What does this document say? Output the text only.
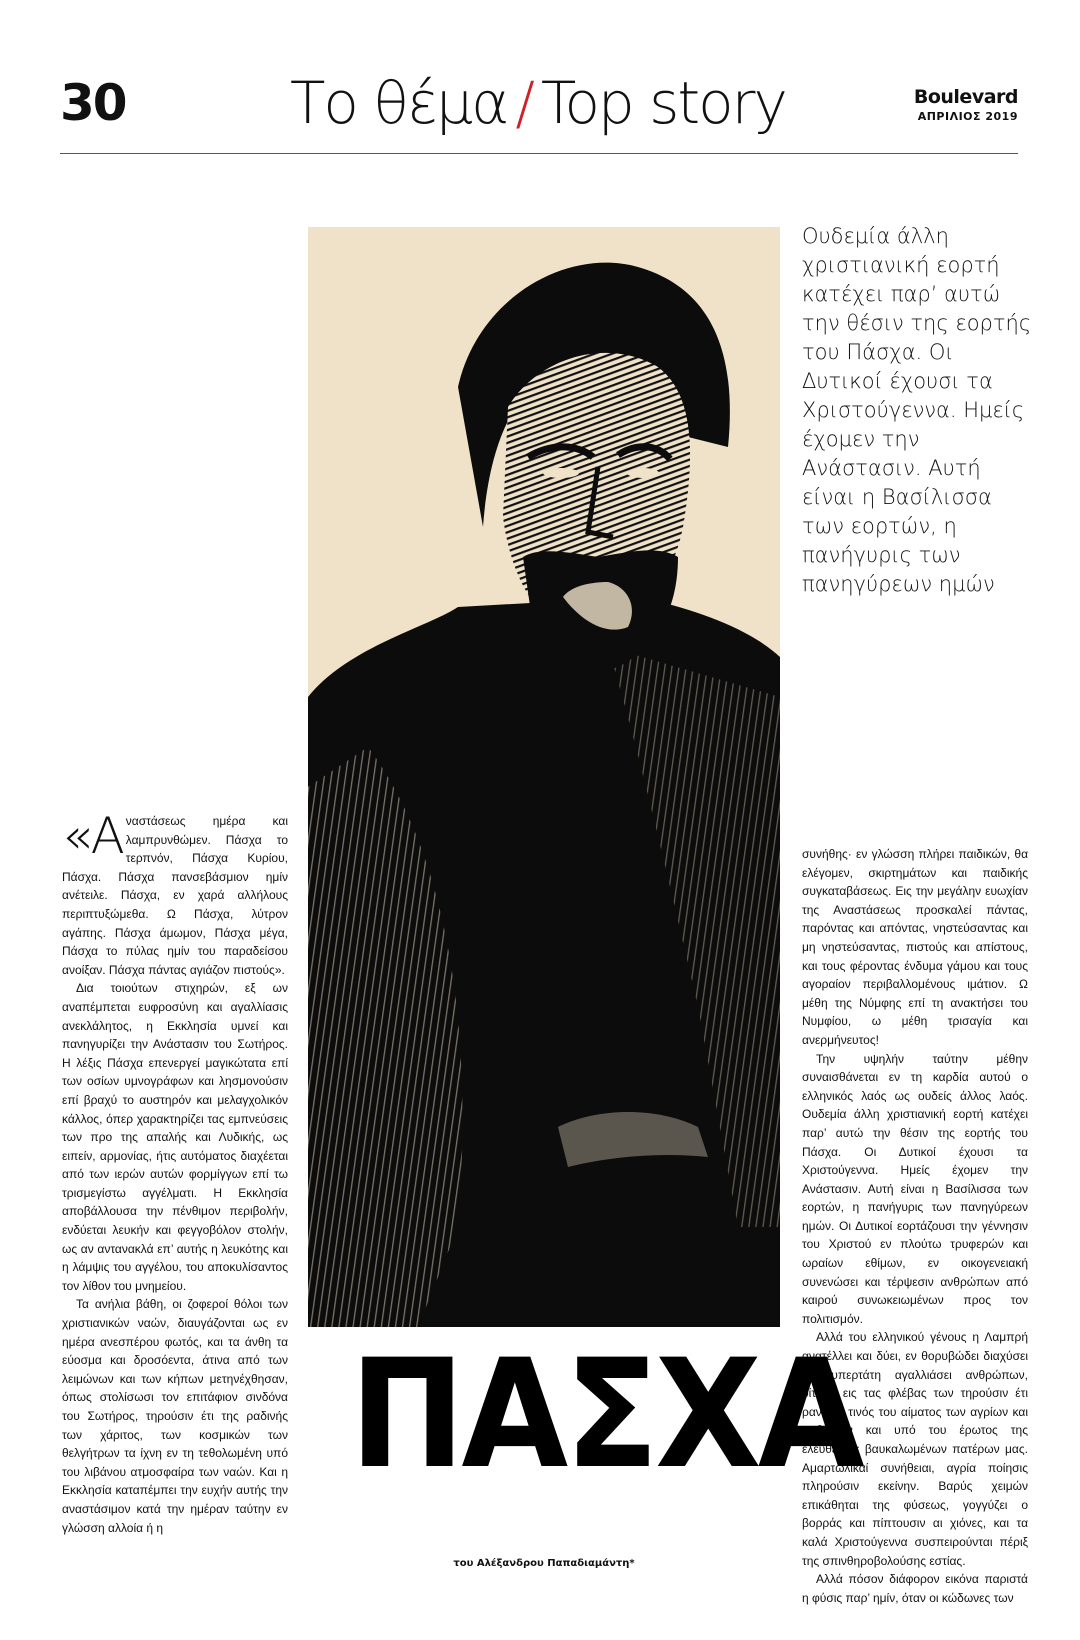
30	Το θέμα / Top story	Boulevard
ΑΠΡΙΛΙΟΣ 2019
Ουδεμία άλλη χριστιανική εορτή κατέχει παρ’ αυτώ την θέσιν της εορτής του Πάσχα. Οι Δυτικοί έχουσι τα Χριστούγεννα. Ημείς έχομεν την Ανάστασιν. Αυτή είναι η Βασίλισσα των εορτών, η πανήγυρις των πανηγύρεων ημών

«Αναστάσεως ημέρα και λαμπρυνθώμεν. Πάσχα το τερπνόν, Πάσχα Κυρίου, Πάσχα. Πάσχα πανσεβάσμιον ημίν ανέτειλε. Πάσχα, εν χαρά αλλήλους περιπτυξώμεθα. Ω Πάσχα, λύτρον αγάπης. Πάσχα άμωμον, Πάσχα μέγα, Πάσχα το πύλας ημίν του παραδείσου ανοίξαν. Πάσχα πάντας αγιάζον πιστούς».

Δια τοιούτων στιχηρών, εξ ων αναπέμπεται ευφροσύνη και αγαλλίασις ανεκλάλητος, η Εκκλησία υμνεί και πανηγυρίζει την Ανάστασιν του Σωτήρος. Η λέξις Πάσχα επενεργεί μαγικώτατα επί των οσίων υμνογράφων και λησμονούσιν επί βραχύ το αυστηρόν και μελαγχολικόν κάλλος, όπερ χαρακτηρίζει τας εμπνεύσεις των προ της απαλής και Λυδικής, ως ειπείν, αρμονίας, ήτις αυτόματος διαχέεται από των ιερών αυτών φορμίγγων επί τω τρισμεγίστω αγγέλματι. Η Εκκλησία αποβάλλουσα την πένθιμον περιβολήν, ενδύεται λευκήν και φεγγοβόλον στολήν, ως αν αντανακλά επ’ αυτής η λευκότης και η λάμψις του αγγέλου, του αποκυλίσαντος τον λίθον του μνημείου.

Τα ανήλια βάθη, οι ζοφεροί θόλοι των χριστιανικών ναών, διαυγάζονται ως εν ημέρα ανεσπέρου φωτός, και τα άνθη τα εύοσμα και δροσόεντα, άτινα από των λειμώνων και των κήπων μετηνέχθησαν, όπως στολίσωσι τον επιτάφιον σινδόνα του Σωτήρος, τηρούσιν έτι της ραδινής των χάριτος, των κοσμικών των θελγήτρων τα ίχνη εν τη τεθολωμένη υπό του λιβάνου ατμοσφαίρα των ναών. Και η Εκκλησία καταπέμπει την ευχήν αυτής την αναστάσιμον κατά την ημέραν ταύτην εν γλώσση αλλοία ή η

συνήθης· εν γλώσση πλήρει παιδικών, θα ελέγομεν, σκιρτημάτων και παιδικής συγκαταβάσεως. Εις την μεγάλην ευωχίαν της Αναστάσεως προσκαλεί πάντας, παρόντας και απόντας, νηστεύσαντας και μη νηστεύσαντας, πιστούς και απίστους, και τους φέροντας ένδυμα γάμου και τους αγοραίον περιβαλλομένους ιμάτιον. Ω μέθη της Νύμφης επί τη ανακτήσει του Νυμφίου, ω μέθη τρισαγία και ανερμήνευτος!

Την υψηλήν ταύτην μέθην συναισθάνεται εν τη καρδία αυτού ο ελληνικός λαός ως ουδείς άλλος λαός. Ουδεμία άλλη χριστιανική εορτή κατέχει παρ’ αυτώ την θέσιν της εορτής του Πάσχα. Οι Δυτικοί έχουσι τα Χριστούγεννα. Ημείς έχομεν την Ανάστασιν. Αυτή είναι η Βασίλισσα των εορτών, η πανήγυρις των πανηγύρεων ημών. Οι Δυτικοί εορτάζουσι την γέννησιν του Χριστού εν πλούτω τρυφερών και ωραίων εθίμων, εν οικογενειακή συνενώσει και τέρψεσιν ανθρώπων από καιρού συνωκειωμένων προς τον πολιτισμόν.

Αλλά του ελληνικού γένους η Λαμπρή ανατέλλει και δύει, εν θορυβώδει διαχύσει και υπερτάτη αγαλλιάσει ανθρώπων, οίτινες εις τας φλέβας των τηρούσιν έτι ρανίδας τινός του αίματος των αγρίων και ατιθάσων και υπό του έρωτος της ελευθερίας βαυκαλωμένων πατέρων μας. Αμαρτωλικαί συνήθειαι, αγρία ποίησις πληρούσιν εκείνην. Βαρύς χειμών επικάθηται της φύσεως, γογγύζει ο βορράς και πίπτουσιν αι χιόνες, και τα καλά Χριστούγεννα συσπειρούνται πέριξ της σπινθηροβολούσης εστίας.

Αλλά πόσον διάφορον εικόνα παριστά η φύσις παρ’ ημίν, όταν οι κώδωνες των

ΠΑΣΧΑ
του Αλέξανδρου Παπαδιαμάντη*
